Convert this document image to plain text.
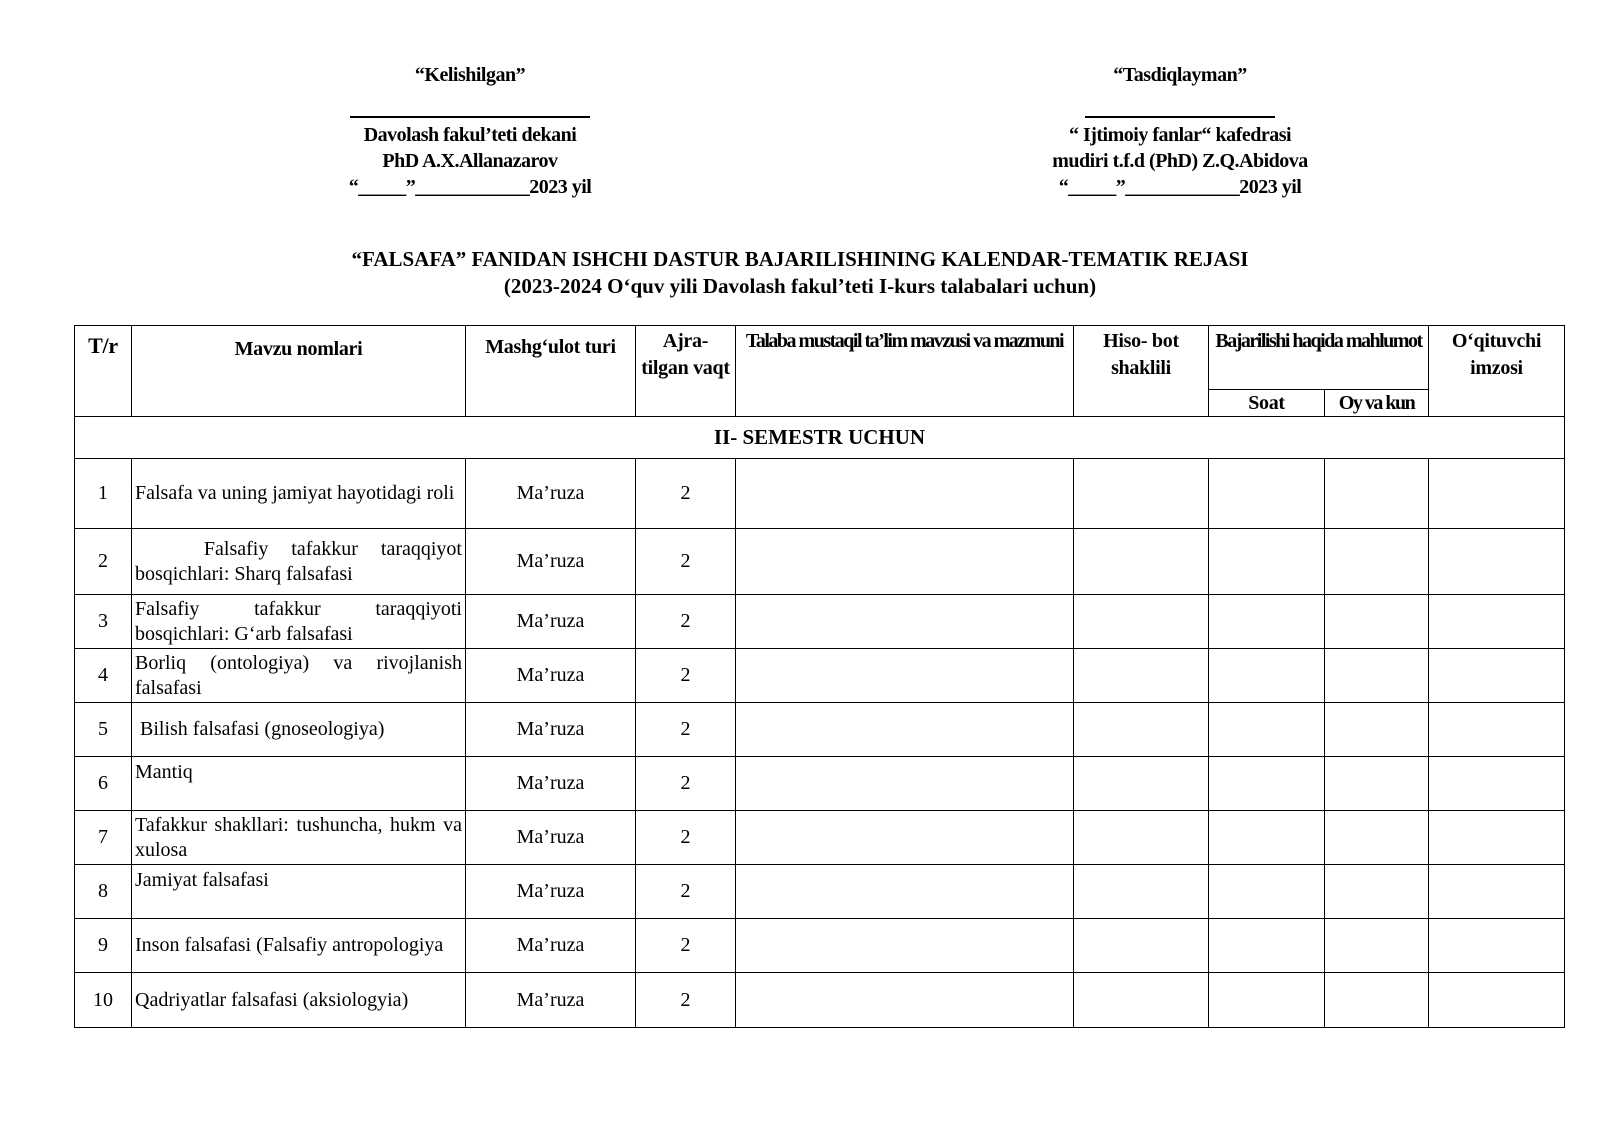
“Kelishilgan”
Davolash fakul’teti dekani
PhD A.X.Allanazarov
“_____”____________2023 yil
“Tasdiqlayman”
“ Ijtimoiy fanlar“ kafedrasi
mudiri t.f.d (PhD) Z.Q.Abidova
“_____”____________2023 yil
“FALSAFA” FANIDAN ISHCHI DASTUR BAJARILISHINING KALENDAR-TEMATIK REJASI
(2023-2024 O‘quv yili Davolash fakul’teti I-kurs talabalari uchun)
T/r	Mavzu nomlari	Mashg‘ulot turi	Ajra- tilgan vaqt	Talaba mustaqil ta’lim mavzusi va mazmuni	Hiso- bot shaklili	Bajarilishi haqida mahlumot		O‘qituvchi imzosi
						Soat	Oy va kun	
II- SEMESTR UCHUN								
1	Falsafa va uning jamiyat hayotidagi roli	Ma’ruza	2					
2	Falsafiy tafakkur taraqqiyot bosqichlari: Sharq falsafasi	Ma’ruza	2					
3	Falsafiy tafakkur taraqqiyoti bosqichlari: G‘arb falsafasi	Ma’ruza	2					
4	Borliq (ontologiya) va rivojlanish falsafasi	Ma’ruza	2					
5	Bilish falsafasi (gnoseologiya)	Ma’ruza	2					
6	Mantiq	Ma’ruza	2					
7	Tafakkur shakllari: tushuncha, hukm va xulosa	Ma’ruza	2					
8	Jamiyat falsafasi	Ma’ruza	2					
9	Inson falsafasi (Falsafiy antropologiya	Ma’ruza	2					
10	Qadriyatlar falsafasi (aksiologyia)	Ma’ruza	2					
